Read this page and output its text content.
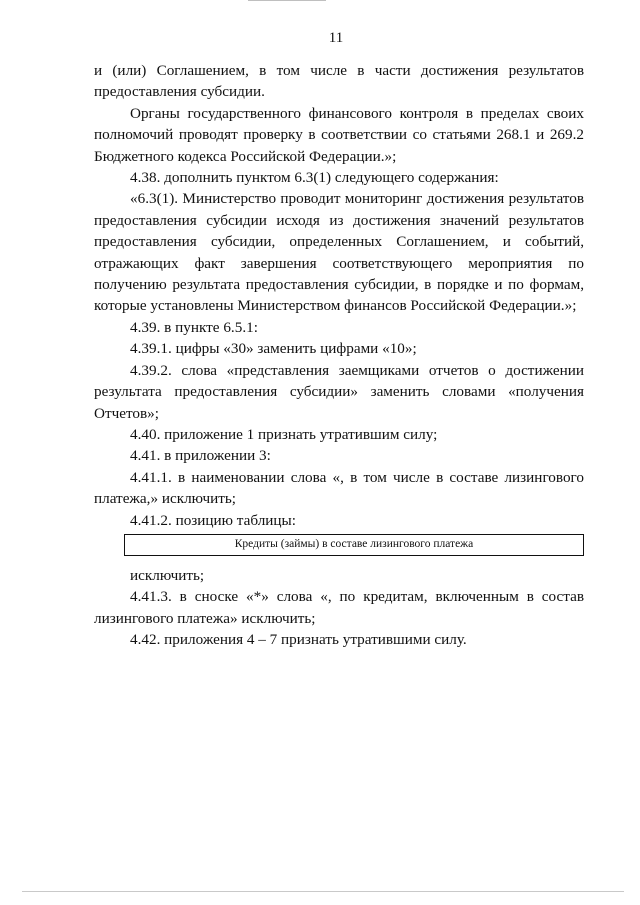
11

и (или) Соглашением, в том числе в части достижения результатов предоставления субсидии.

Органы государственного финансового контроля в пределах своих полномочий проводят проверку в соответствии со статьями 268.1 и 269.2 Бюджетного кодекса Российской Федерации.»;

4.38. дополнить пунктом 6.3(1) следующего содержания:

«6.3(1). Министерство проводит мониторинг достижения результатов предоставления субсидии исходя из достижения значений результатов предоставления субсидии, определенных Соглашением, и событий, отражающих факт завершения соответствующего мероприятия по получению результата предоставления субсидии, в порядке и по формам, которые установлены Министерством финансов Российской Федерации.»;

4.39. в пункте 6.5.1:

4.39.1. цифры «30» заменить цифрами «10»;

4.39.2. слова «представления заемщиками отчетов о достижении результата предоставления субсидии» заменить словами «получения Отчетов»;

4.40. приложение 1 признать утратившим силу;

4.41. в приложении 3:

4.41.1. в наименовании слова «, в том числе в составе лизингового платежа,» исключить;

4.41.2. позицию таблицы:

Кредиты (займы) в составе лизингового платежа

исключить;

4.41.3. в сноске «*» слова «, по кредитам, включенным в состав лизингового платежа» исключить;

4.42. приложения 4 – 7 признать утратившими силу.
